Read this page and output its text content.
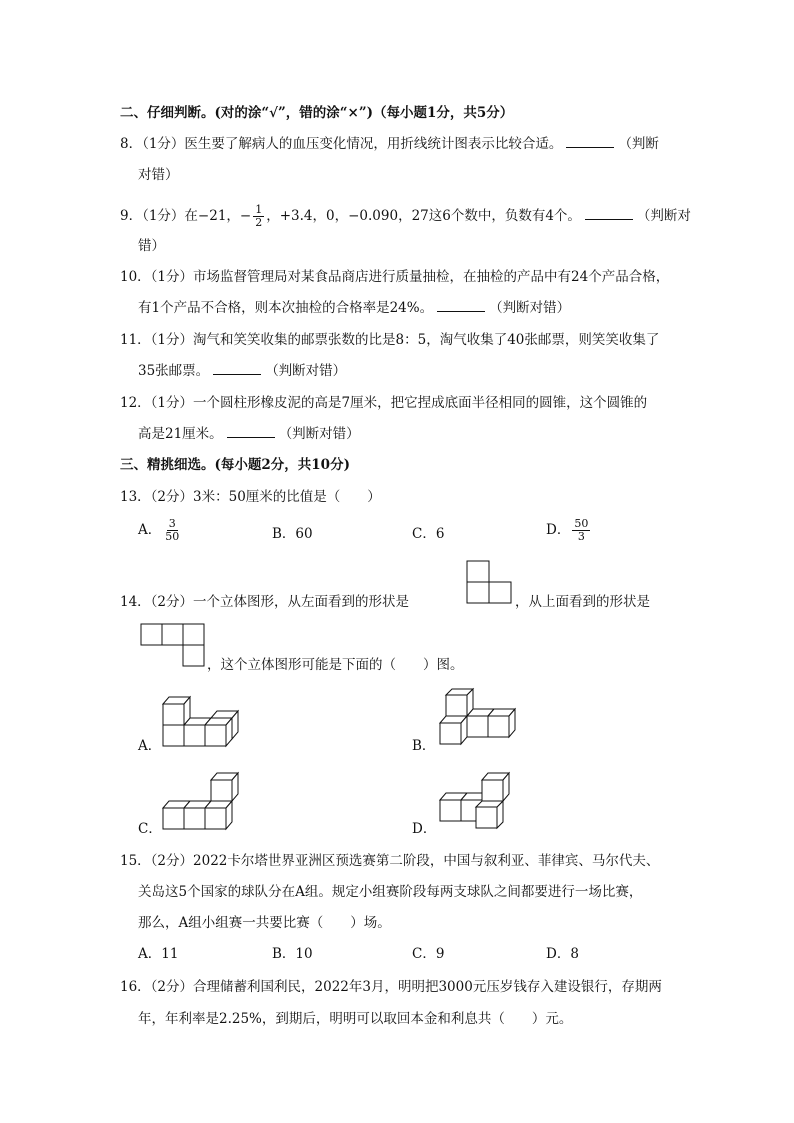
二、仔细判断。(对的涂“√”，错的涂“×”)（每小题1分，共5分）
8．（1分）医生要了解病人的血压变化情况，用折线统计图表示比较合适。	（判断
对错）
9．（1分）在−21，− $\frac{1}{2}$ ，+3.4，0，−0.090，27这6个数中，负数有4个。	（判断对
错）
10．（1分）市场监督管理局对某食品商店进行质量抽检，在抽检的产品中有24个产品合格，
有1个产品不合格，则本次抽检的合格率是24%。	（判断对错）
11．（1分）淘气和笑笑收集的邮票张数的比是8：5，淘气收集了40张邮票，则笑笑收集了
35张邮票。	（判断对错）
12．（1分）一个圆柱形橡皮泥的高是7厘米，把它捏成底面半径相同的圆锥，这个圆锥的
高是21厘米。	（判断对错）
三、精挑细选。(每小题2分，共10分)
13．（2分）3米：50厘米的比值是（　　）
A． $\frac{3}{50}$	B．60	C．6	D． $\frac{50}{3}$
14．（2分）一个立体图形，从左面看到的形状是	，从上面看到的形状是
，这个立体图形可能是下面的（　　）图。
A．	B．
C．	D．
15．（2分）2022卡尔塔世界亚洲区预选赛第二阶段，中国与叙利亚、菲律宾、马尔代夫、
关岛这5个国家的球队分在A组。规定小组赛阶段每两支球队之间都要进行一场比赛，
那么，A组小组赛一共要比赛（　　）场。
A．11	B．10	C．9	D．8
16．（2分）合理储蓄利国利民，2022年3月，明明把3000元压岁钱存入建设银行，存期两
年，年利率是2.25%，到期后，明明可以取回本金和利息共（　　）元。
